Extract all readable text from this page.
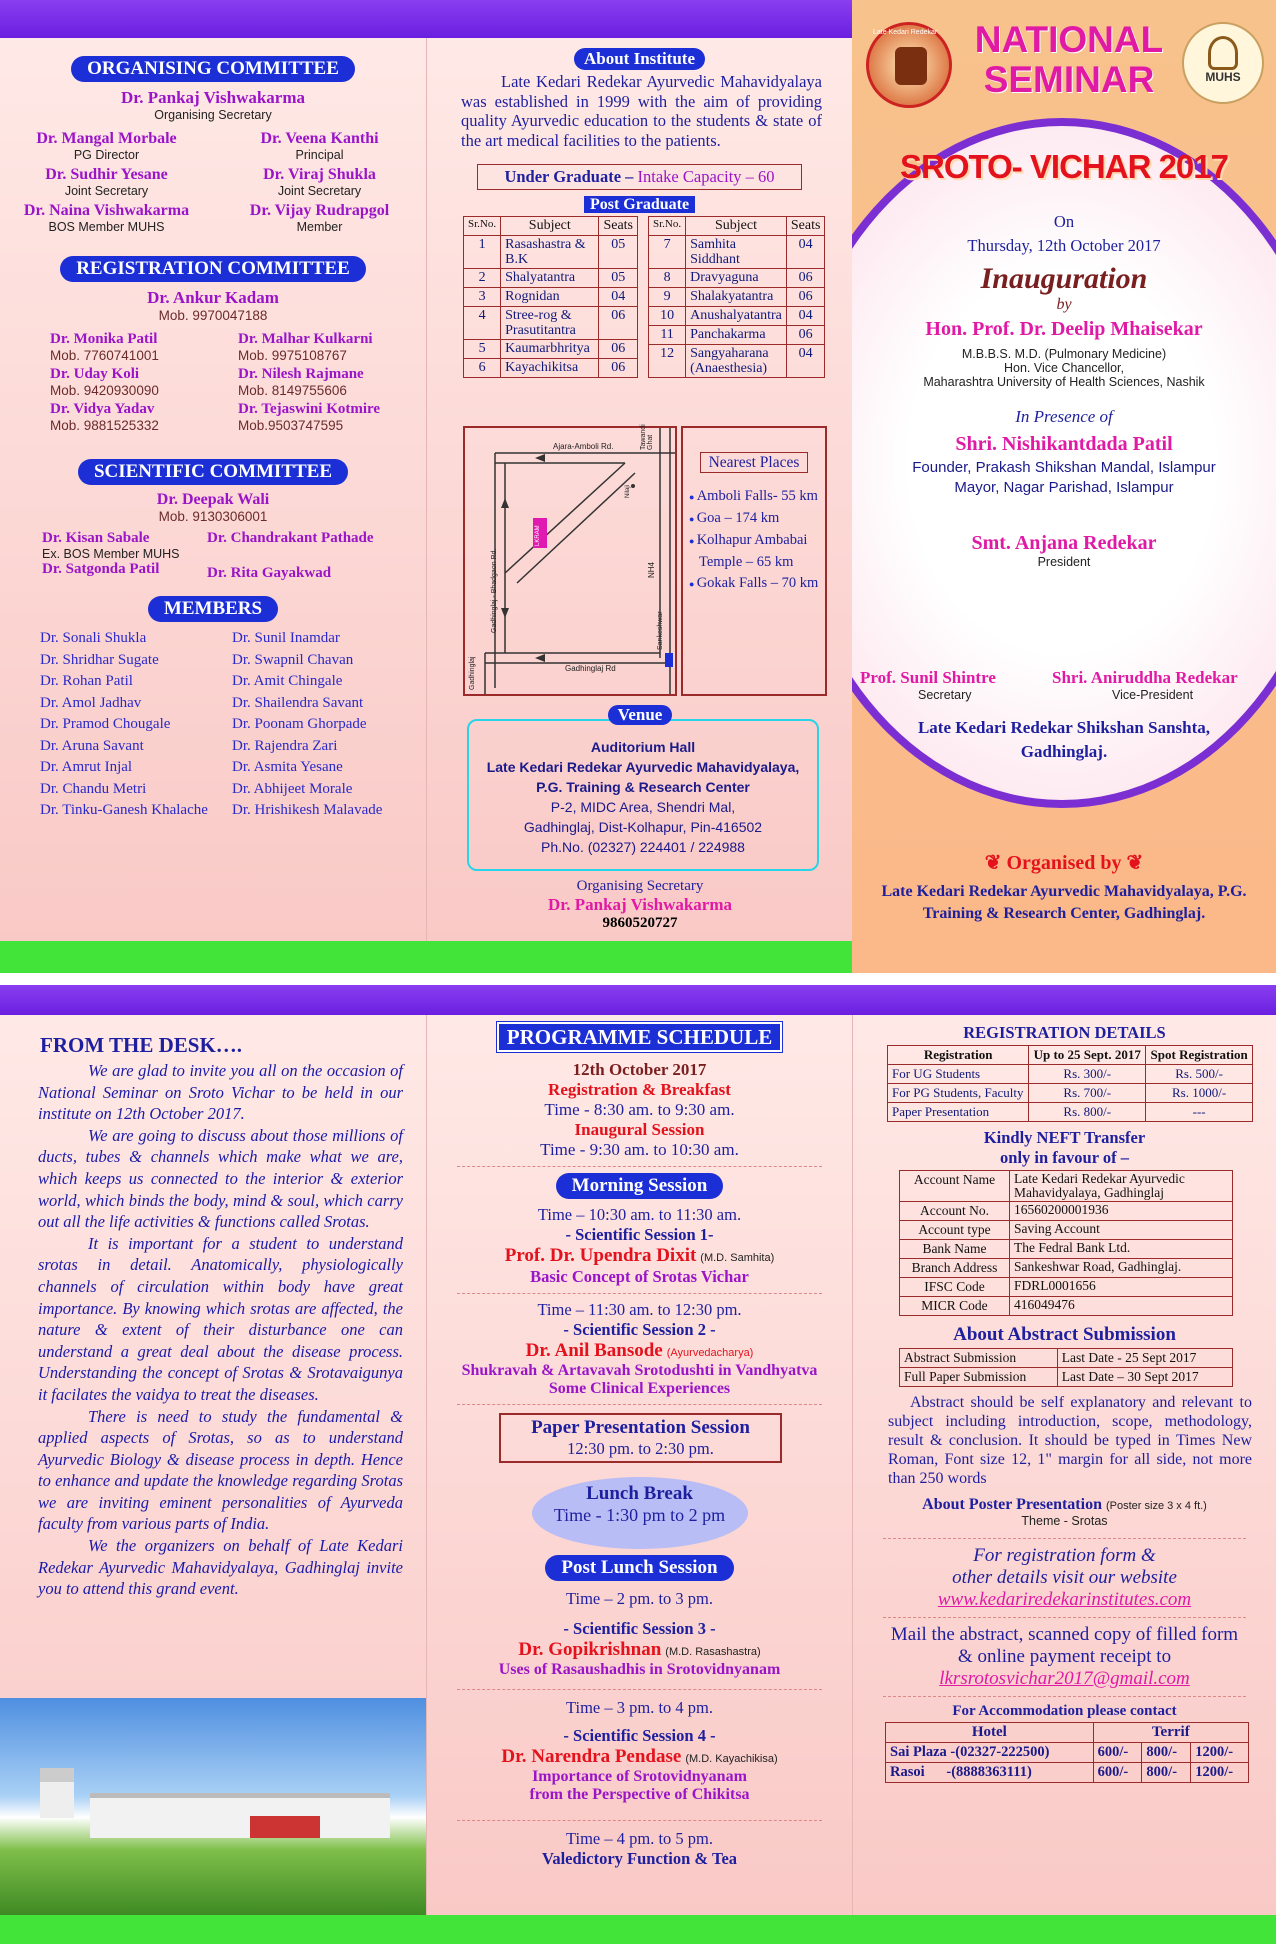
ORGANISING COMMITTEE
Dr. Pankaj Vishwakarma
Organising Secretary
Dr. Mangal Morbale
PG Director
Dr. Veena Kanthi
Principal
Dr. Sudhir Yesane
Joint Secretary
Dr. Viraj Shukla
Joint Secretary
Dr. Naina Vishwakarma
BOS Member MUHS
Dr. Vijay Rudrapgol
Member
REGISTRATION COMMITTEE
Dr. Ankur Kadam
Mob. 9970047188
Dr. Monika Patil
Mob. 7760741001
Dr. Malhar Kulkarni
Mob. 9975108767
Dr. Uday Koli
Mob. 9420930090
Dr. Nilesh Rajmane
Mob. 8149755606
Dr. Vidya Yadav
Mob. 9881525332
Dr. Tejaswini Kotmire
Mob.9503747595
SCIENTIFIC COMMITTEE
Dr. Deepak Wali
Mob. 9130306001
Dr. Kisan Sabale
Ex. BOS Member MUHS
Dr. Satgonda Patil
Dr. Chandrakant Pathade
Dr. Rita Gayakwad
MEMBERS
Dr. Sonali Shukla
Dr. Shridhar Sugate
Dr. Rohan Patil
Dr. Amol Jadhav
Dr. Pramod Chougale
Dr. Aruna Savant
Dr. Amrut Injal
Dr. Chandu Metri
Dr. Tinku-Ganesh Khalache
Dr. Sunil Inamdar
Dr. Swapnil Chavan
Dr. Amit Chingale
Dr. Shailendra Savant
Dr. Poonam Ghorpade
Dr. Rajendra Zari
Dr. Asmita Yesane
Dr. Abhijeet Morale
Dr. Hrishikesh Malavade
About Institute

Late Kedari Redekar Ayurvedic Mahavidyalaya was established in 1999 with the aim of providing quality Ayurvedic education to the students & state of the art medical facilities to the patients.

Under Graduate – Intake Capacity – 60
Post Graduate
Sr.No.	Subject	Seats
1	Rasashastra & B.K	05
2	Shalyatantra	05
3	Rognidan	04
4	Stree-rog & Prasutitantra	06
5	Kaumarbhritya	06
6	Kayachikitsa	06
Sr.No.	Subject	Seats
7	Samhita Siddhant	04
8	Dravyaguna	06
9	Shalakyatantra	06
10	Anushalyatantra	04
11	Panchakarma	06
12	Sangyaharana (Anaesthesia)	04
Ajara-Amboli Rd.	Tawandi Ghat
Gadhinglaj - Bhadgaon Rd.	NH4
Gadhinglaj Rd
Gadhinglaj
Sankeshwar
LKRAM
Nilaji
Nearest Places
● Amboli Falls- 55 km
● Goa – 174 km
● Kolhapur Ambabai Temple – 65 km
● Gokak Falls – 70 km
Auditorium Hall
Late Kedari Redekar Ayurvedic Mahavidyalaya,
P.G. Training & Research Center
P-2, MIDC Area, Shendri Mal,
Gadhinglaj, Dist-Kolhapur, Pin-416502
Ph.No. (02327) 224401 / 224988
Venue
Organising Secretary
Dr. Pankaj Vishwakarma
9860520727
Late Kedari Redekar
MUHS
NATIONAL
SEMINAR
SROTO- VICHAR 2017
On
Thursday, 12th October 2017
Inauguration
by
Hon. Prof. Dr. Deelip Mhaisekar
M.B.B.S. M.D. (Pulmonary Medicine)
Hon. Vice Chancellor,
Maharashtra University of Health Sciences, Nashik
In Presence of
Shri. Nishikantdada Patil
Founder, Prakash Shikshan Mandal, Islampur
Mayor, Nagar Parishad, Islampur
Smt. Anjana Redekar
President
Prof. Sunil Shintre
Secretary
Shri. Aniruddha Redekar
Vice-President
Late Kedari Redekar Shikshan Sanshta, Gadhinglaj.
❦ Organised by ❦
Late Kedari Redekar Ayurvedic Mahavidyalaya, P.G. Training & Research Center, Gadhinglaj.
FROM THE DESK….

We are glad to invite you all on the occasion of National Seminar on Sroto Vichar to be held in our institute on 12th October 2017.

We are going to discuss about those millions of ducts, tubes & channels which make what we are, which keeps us connected to the interior & exterior world, which binds the body, mind & soul, which carry out all the life activities & functions called Srotas.

It is important for a student to understand srotas in detail. Anatomically, physiologically channels of circulation within body have great importance. By knowing which srotas are affected, the nature & extent of their disturbance one can understand a great deal about the disease process. Understanding the concept of Srotas & Srotavaigunya it facilates the vaidya to treat the diseases.

There is need to study the fundamental & applied aspects of Srotas, so as to understand Ayurvedic Biology & disease process in depth. Hence to enhance and update the knowledge regarding Srotas we are inviting eminent personalities of Ayurveda faculty from various parts of India.

We the organizers on behalf of Late Kedari Redekar Ayurvedic Mahavidyalaya, Gadhinglaj invite you to attend this grand event.

PROGRAMME SCHEDULE
12th October 2017
Registration & Breakfast
Time - 8:30 am. to 9:30 am.
Inaugural Session
Time - 9:30 am. to 10:30 am.
Morning Session
Time – 10:30 am. to 11:30 am.
- Scientific Session 1-
Prof. Dr. Upendra Dixit (M.D. Samhita)
Basic Concept of Srotas Vichar
Time – 11:30 am. to 12:30 pm.
- Scientific Session 2 -
Dr. Anil Bansode (Ayurvedacharya)
Shukravah & Artavavah Srotodushti in Vandhyatva
Some Clinical Experiences
Paper Presentation Session
12:30 pm. to 2:30 pm.
Lunch Break
Time - 1:30 pm to 2 pm
Post Lunch Session
Time – 2 pm. to 3 pm.
- Scientific Session 3 -
Dr. Gopikrishnan (M.D. Rasashastra)
Uses of Rasaushadhis in Srotovidnyanam
Time – 3 pm. to 4 pm.
- Scientific Session 4 -
Dr. Narendra Pendase (M.D. Kayachikisa)
Importance of Srotovidnyanam
from the Perspective of Chikitsa
Time – 4 pm. to 5 pm.
Valedictory Function & Tea
REGISTRATION DETAILS
Registration	Up to 25 Sept. 2017	Spot Registration
For UG Students	Rs. 300/-	Rs. 500/-
For PG Students, Faculty	Rs. 700/-	Rs. 1000/-
Paper Presentation	Rs. 800/-	---
Kindly NEFT Transfer
only in favour of –
Account Name	Late Kedari Redekar Ayurvedic Mahavidyalaya, Gadhinglaj
Account No.	16560200001936
Account type	Saving Account
Bank Name	The Fedral Bank Ltd.
Branch Address	Sankeshwar Road, Gadhinglaj.
IFSC Code	FDRL0001656
MICR Code	416049476
About Abstract Submission
Abstract Submission	Last Date - 25 Sept 2017
Full Paper Submission	Last Date – 30 Sept 2017

Abstract should be self explanatory and relevant to subject including introduction, scope, methodology, result & conclusion. It should be typed in Times New Roman, Font size 12, 1" margin for all side, not more than 250 words

About Poster Presentation (Poster size 3 x 4 ft.)
Theme - Srotas
For registration form &
other details visit our website
www.kedariredekarinstitutes.com
Mail the abstract, scanned copy of filled form
& online payment receipt to
lkrsrotosvichar2017@gmail.com
For Accommodation please contact
Hotel	Terrif		
Sai Plaza -(02327-222500)	600/-	800/-	1200/-
Rasoi      -(8888363111)	600/-	800/-	1200/-
